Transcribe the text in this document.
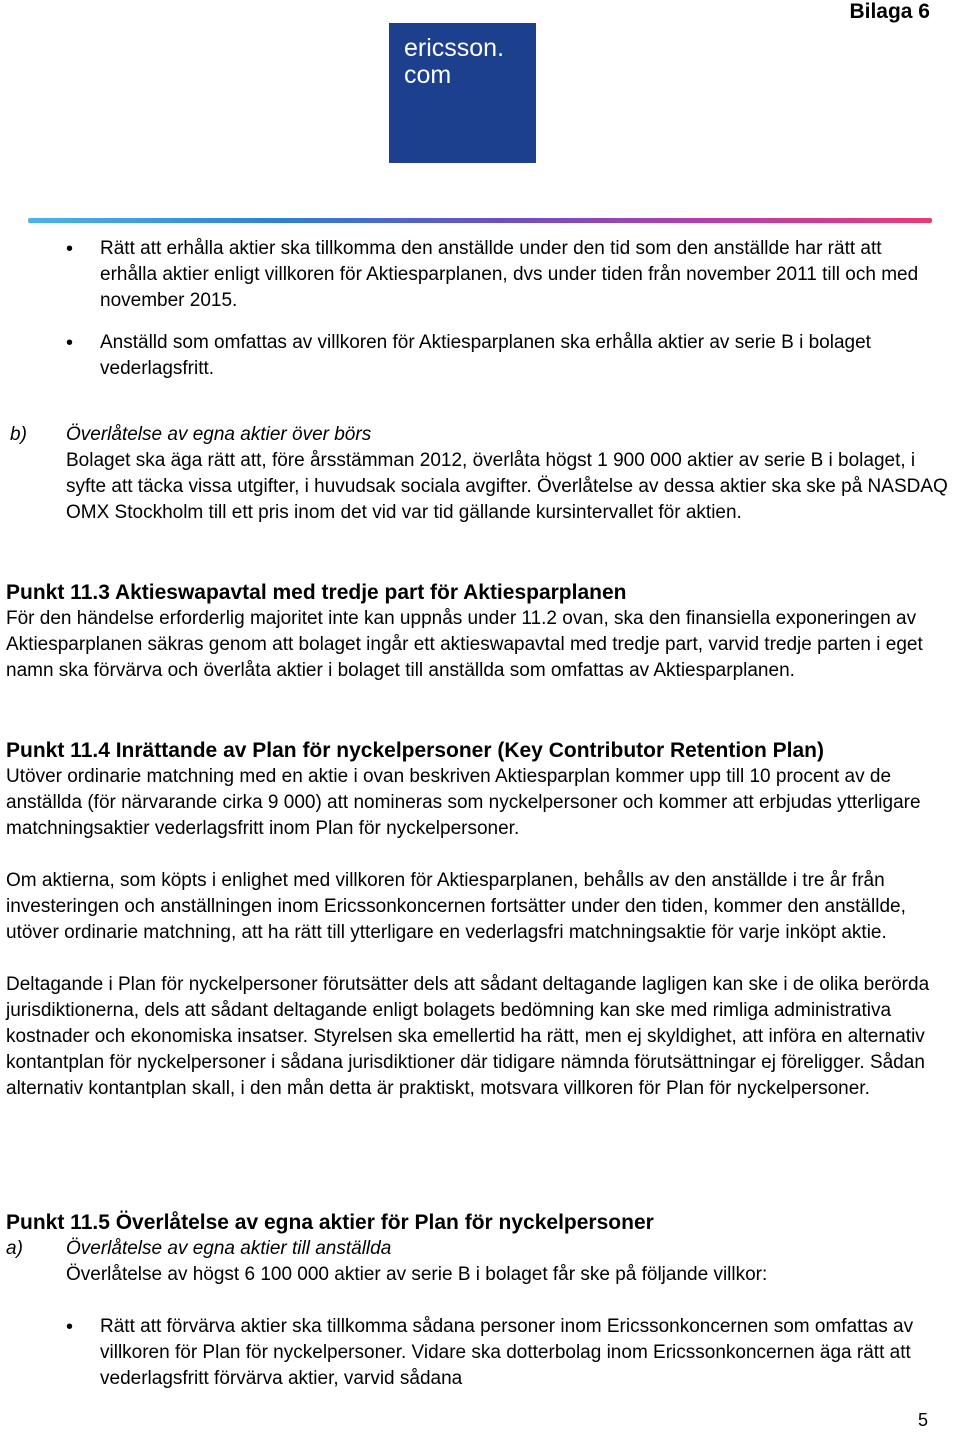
Bilaga 6
ericsson.
com
• Rätt att erhålla aktier ska tillkomma den anställde under den tid som den anställde har rätt att erhålla aktier enligt villkoren för Aktiesparplanen, dvs under tiden från november 2011 till och med november 2015.
• Anställd som omfattas av villkoren för Aktiesparplanen ska erhålla aktier av serie B i bolaget vederlagsfritt.
b)	Överlåtelse av egna aktier över börs
Bolaget ska äga rätt att, före årsstämman 2012, överlåta högst 1 900 000 aktier av serie B i bolaget, i syfte att täcka vissa utgifter, i huvudsak sociala avgifter. Överlåtelse av dessa aktier ska ske på NASDAQ OMX Stockholm till ett pris inom det vid var tid gällande kursintervallet för aktien.
Punkt 11.3 Aktieswapavtal med tredje part för Aktiesparplanen
För den händelse erforderlig majoritet inte kan uppnås under 11.2 ovan, ska den finansiella exponeringen av Aktiesparplanen säkras genom att bolaget ingår ett aktieswapavtal med tredje part, varvid tredje parten i eget namn ska förvärva och överlåta aktier i bolaget till anställda som omfattas av Aktiesparplanen.
Punkt 11.4 Inrättande av Plan för nyckelpersoner (Key Contributor Retention Plan)
Utöver ordinarie matchning med en aktie i ovan beskriven Aktiesparplan kommer upp till 10 procent av de anställda (för närvarande cirka 9 000) att nomineras som nyckelpersoner och kommer att erbjudas ytterligare matchningsaktier vederlagsfritt inom Plan för nyckelpersoner.
Om aktierna, som köpts i enlighet med villkoren för Aktiesparplanen, behålls av den anställde i tre år från investeringen och anställningen inom Ericssonkoncernen fortsätter under den tiden, kommer den anställde, utöver ordinarie matchning, att ha rätt till ytterligare en vederlagsfri matchningsaktie för varje inköpt aktie.
Deltagande i Plan för nyckelpersoner förutsätter dels att sådant deltagande lagligen kan ske i de olika berörda jurisdiktionerna, dels att sådant deltagande enligt bolagets bedömning kan ske med rimliga administrativa kostnader och ekonomiska insatser. Styrelsen ska emellertid ha rätt, men ej skyldighet, att införa en alternativ kontantplan för nyckelpersoner i sådana jurisdiktioner där tidigare nämnda förutsättningar ej föreligger. Sådan alternativ kontantplan skall, i den mån detta är praktiskt, motsvara villkoren för Plan för nyckelpersoner.
Punkt 11.5 Överlåtelse av egna aktier för Plan för nyckelpersoner
a)	Överlåtelse av egna aktier till anställda
Överlåtelse av högst 6 100 000 aktier av serie B i bolaget får ske på följande villkor:
• Rätt att förvärva aktier ska tillkomma sådana personer inom Ericssonkoncernen som omfattas av villkoren för Plan för nyckelpersoner. Vidare ska dotterbolag inom Ericssonkoncernen äga rätt att vederlagsfritt förvärva aktier, varvid sådana
5
